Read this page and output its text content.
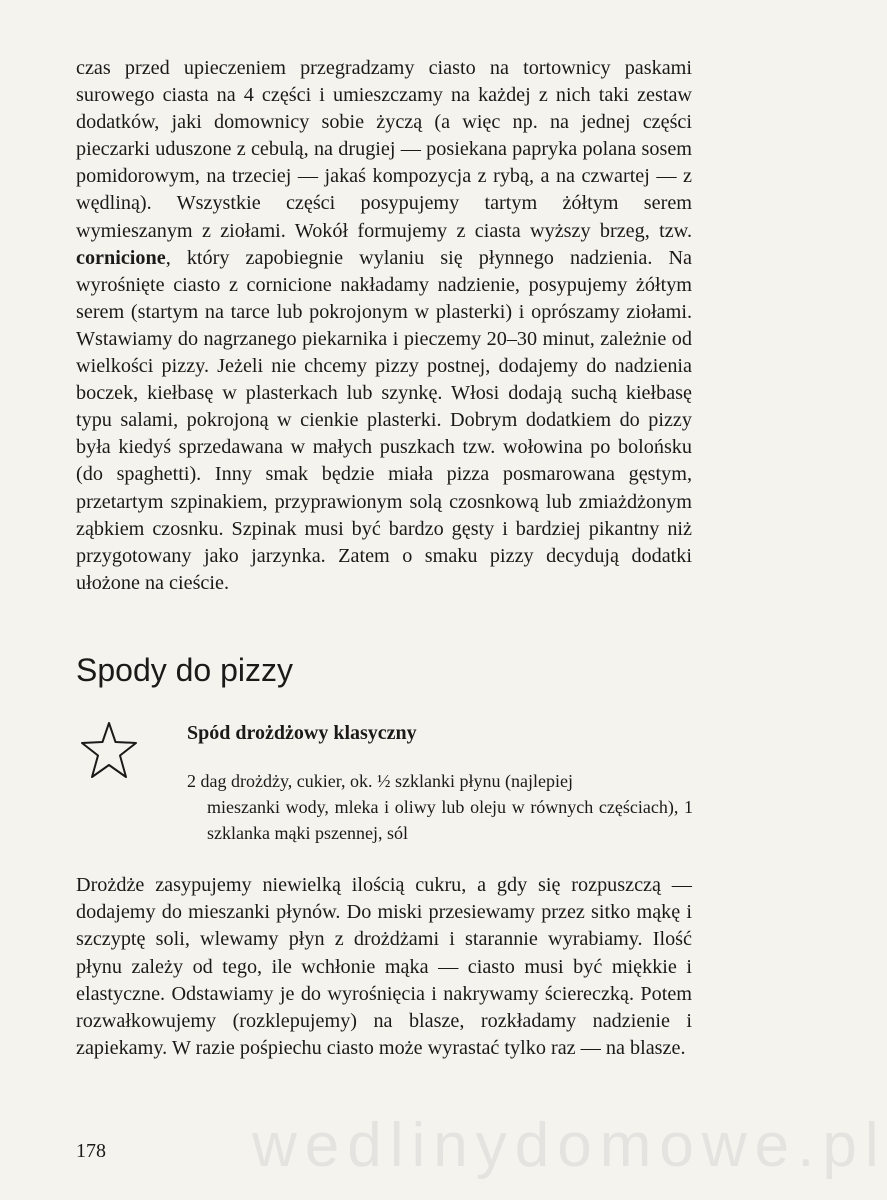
czas przed upieczeniem przegradzamy ciasto na tortownicy paskami surowego ciasta na 4 części i umieszczamy na każdej z nich taki zestaw dodatków, jaki domownicy sobie życzą (a więc np. na jednej części pieczarki uduszone z cebulą, na drugiej — posiekana papryka polana sosem pomidorowym, na trzeciej — jakaś kompozycja z rybą, a na czwartej — z wędliną). Wszystkie części posypujemy tartym żółtym serem wymieszanym z ziołami. Wokół formujemy z ciasta wyższy brzeg, tzw. cornicione, który zapobiegnie wylaniu się płynnego nadzienia. Na wyrośnięte ciasto z cornicione nakładamy nadzienie, posypujemy żółtym serem (startym na tarce lub pokrojonym w plasterki) i oprószamy ziołami. Wstawiamy do nagrzanego piekarnika i pieczemy 20–30 minut, zależnie od wielkości pizzy. Jeżeli nie chcemy pizzy postnej, dodajemy do nadzienia boczek, kiełbasę w plasterkach lub szynkę. Włosi dodają suchą kiełbasę typu salami, pokrojoną w cienkie plasterki. Dobrym dodatkiem do pizzy była kiedyś sprzedawana w małych puszkach tzw. wołowina po bolońsku (do spaghetti). Inny smak będzie miała pizza posmarowana gęstym, przetartym szpinakiem, przyprawionym solą czosnkową lub zmiażdżonym ząbkiem czosnku. Szpinak musi być bardzo gęsty i bardziej pikantny niż przygotowany jako jarzynka. Zatem o smaku pizzy decydują dodatki ułożone na cieście.

Spody do pizzy
Spód drożdżowy klasyczny

2 dag drożdży, cukier, ok. ½ szklanki płynu (najlepiej
mieszanki wody, mleka i oliwy lub oleju w równych częściach), 1 szklanka mąki pszennej, sól

Drożdże zasypujemy niewielką ilością cukru, a gdy się rozpuszczą — dodajemy do mieszanki płynów. Do miski przesiewamy przez sitko mąkę i szczyptę soli, wlewamy płyn z drożdżami i starannie wyrabiamy. Ilość płynu zależy od tego, ile wchłonie mąka — ciasto musi być miękkie i elastyczne. Odstawiamy je do wyrośnięcia i nakrywamy ściereczką. Potem rozwałkowujemy (rozklepujemy) na blasze, rozkładamy nadzienie i zapiekamy. W razie pośpiechu ciasto może wyrastać tylko raz — na blasze.

wedlinydomowe.pl

178
